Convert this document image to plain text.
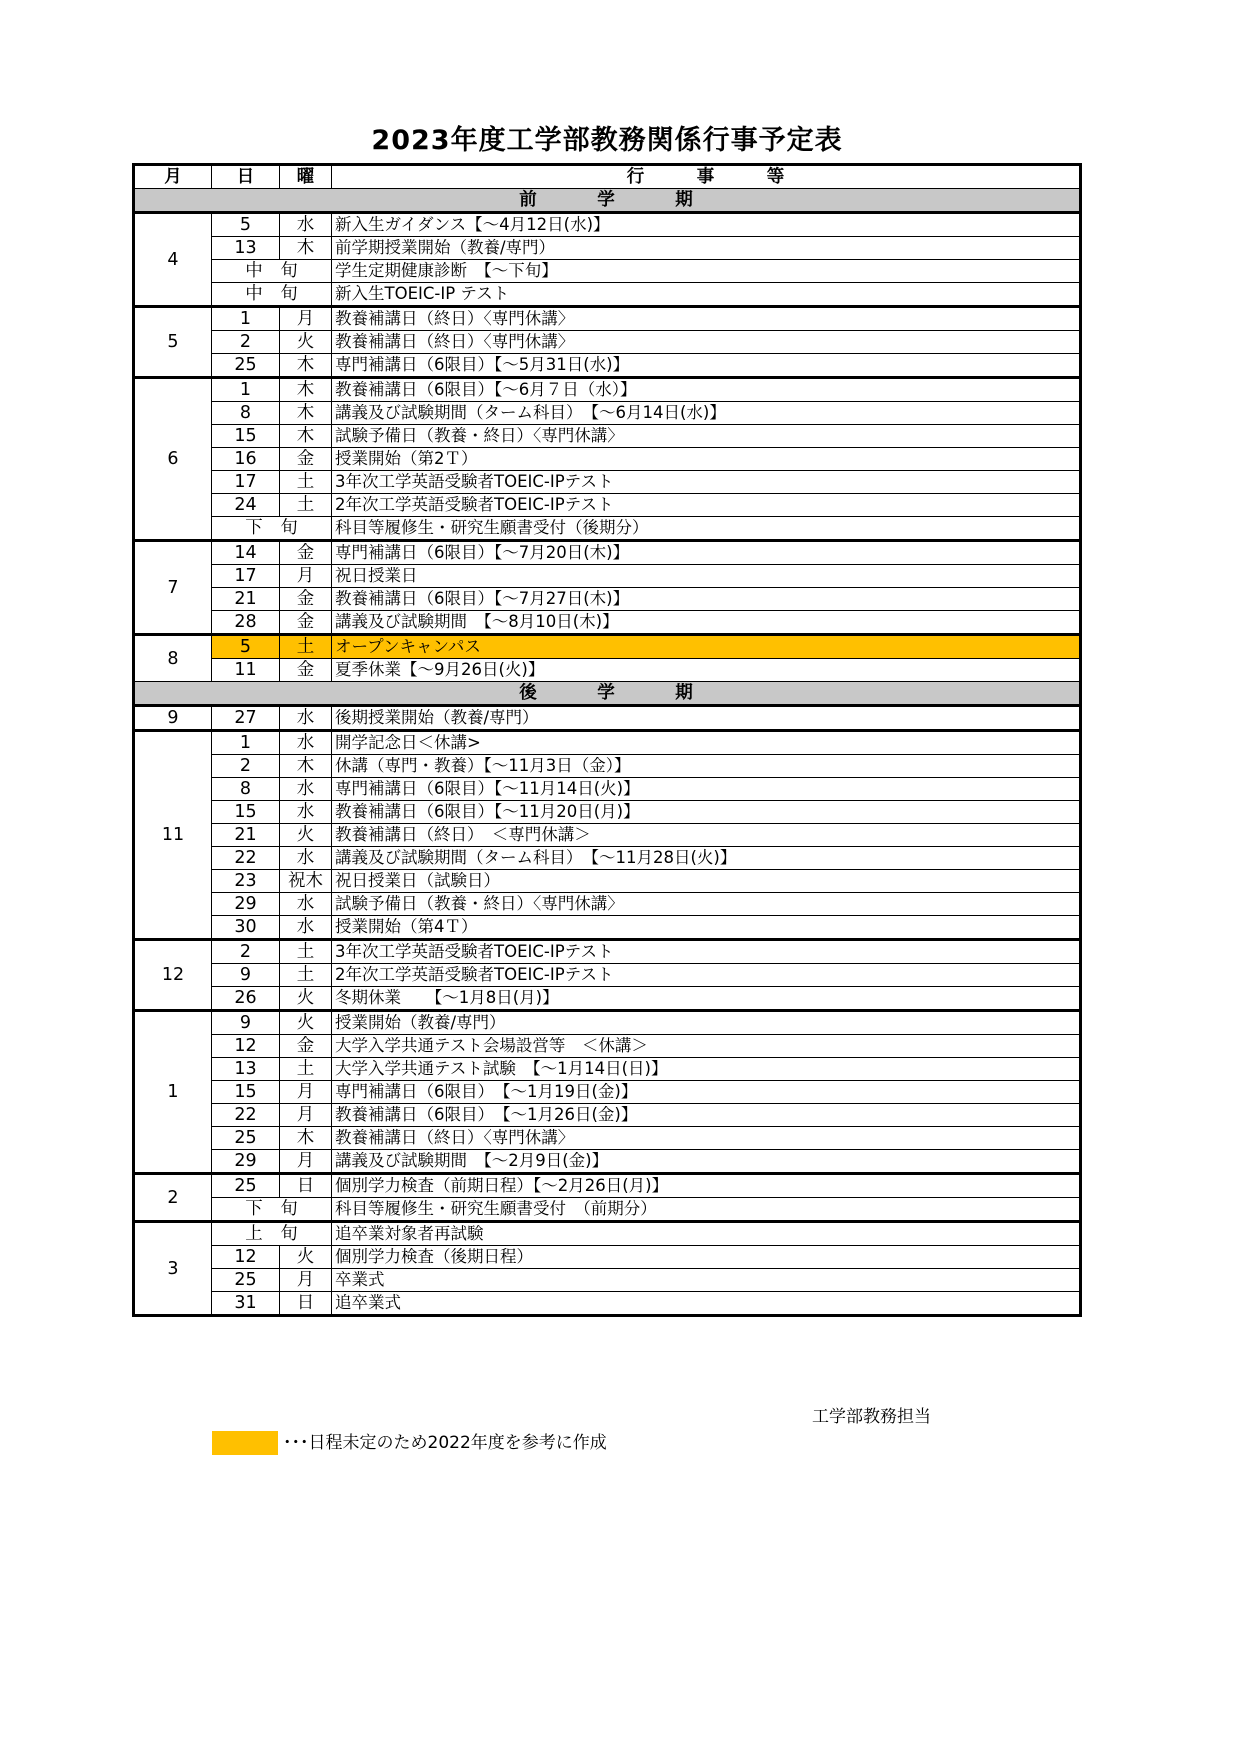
2023年度工学部教務関係行事予定表
月	日	曜	行　　　事　　　等
前　　　学　　　期			
4	5	水	新入生ガイダンス【～4月12日(水)】
	13	木	前学期授業開始（教養/専門）
	中　旬		学生定期健康診断　【～下旬】
	中　旬		新入生TOEIC-IP テスト
5	1	月	教養補講日（終日）〈専門休講〉
	2	火	教養補講日（終日）〈専門休講〉
	25	木	専門補講日（6限目）【～5月31日(水)】
6	1	木	教養補講日（6限目）【～6月７日（水）】
	8	木	講義及び試験期間（ターム科目）　【～6月14日(水)】
	15	木	試験予備日（教養・終日）〈専門休講〉
	16	金	授業開始（第2Ｔ）
	17	土	3年次工学英語受験者TOEIC-IPテスト
	24	土	2年次工学英語受験者TOEIC-IPテスト
	下　旬		科目等履修生・研究生願書受付（後期分）
7	14	金	専門補講日（6限目）【～7月20日(木)】
	17	月	祝日授業日
	21	金	教養補講日（6限目）【～7月27日(木)】
	28	金	講義及び試験期間　【～8月10日(木)】
8	5	土	オープンキャンパス
	11	金	夏季休業【～9月26日(火)】
後　　　学　　　期			
9	27	水	後期授業開始（教養/専門）
11	1	水	開学記念日＜休講>
	2	木	休講（専門・教養）【～11月3日（金）】
	8	水	専門補講日（6限目）【～11月14日(火)】
	15	水	教養補講日（6限目）【～11月20日(月)】
	21	火	教養補講日（終日）　＜専門休講＞
	22	水	講義及び試験期間（ターム科目）　【～11月28日(火)】
	23	祝木	祝日授業日（試験日）
	29	水	試験予備日（教養・終日）〈専門休講〉
	30	水	授業開始（第4Ｔ）
12	2	土	3年次工学英語受験者TOEIC-IPテスト
	9	土	2年次工学英語受験者TOEIC-IPテスト
	26	火	冬期休業　　【～1月8日(月)】
1	9	火	授業開始（教養/専門）
	12	金	大学入学共通テスト会場設営等　＜休講＞
	13	土	大学入学共通テスト試験　【～1月14日(日)】
	15	月	専門補講日（6限目）　【～1月19日(金)】
	22	月	教養補講日（6限目）　【～1月26日(金)】
	25	木	教養補講日（終日）〈専門休講〉
	29	月	講義及び試験期間　【～2月9日(金)】
2	25	日	個別学力検査（前期日程）【～2月26日(月)】
	下　旬		科目等履修生・研究生願書受付　（前期分）
3	上　旬		追卒業対象者再試験
	12	火	個別学力検査（後期日程）
	25	月	卒業式
	31	日	追卒業式
工学部教務担当
･･･日程未定のため2022年度を参考に作成
